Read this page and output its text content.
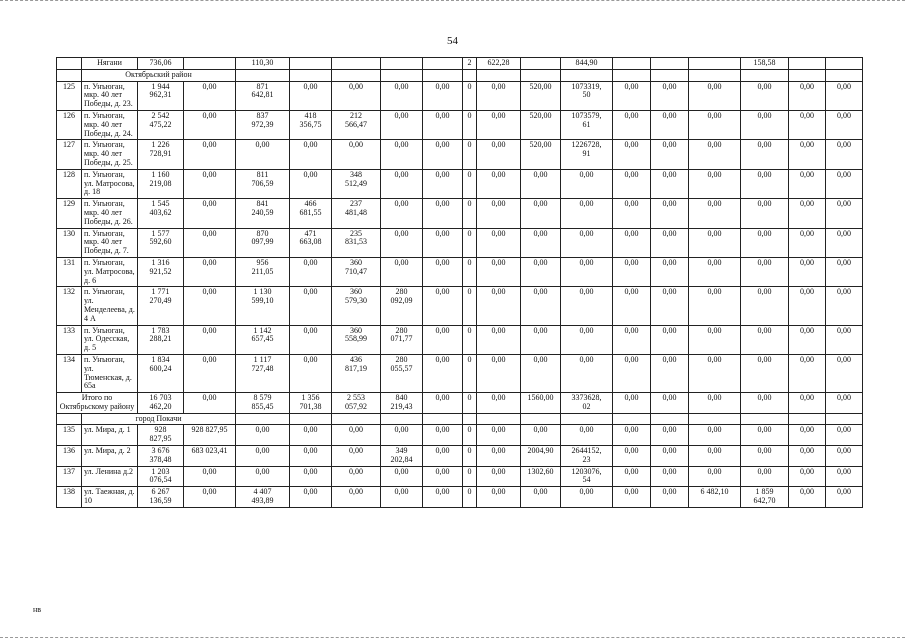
54
	Нягани	736,06		110,30					2	622,28		844,90				158,58		
	Октябрьский район																	
125	п. Унъюган, мкр. 40 лет Победы, д. 23.	1 944
962,31	0,00	871
642,81	0,00	0,00	0,00	0,00	0	0,00	520,00	1073319,
50	0,00	0,00	0,00	0,00	0,00	0,00
126	п. Унъюган, мкр. 40 лет Победы, д. 24.	2 542
475,22	0,00	837
972,39	418
356,75	212
566,47	0,00	0,00	0	0,00	520,00	1073579,
61	0,00	0,00	0,00	0,00	0,00	0,00
127	п. Унъюган, мкр. 40 лет Победы, д. 25.	1 226
728,91	0,00	0,00	0,00	0,00	0,00	0,00	0	0,00	520,00	1226728,
91	0,00	0,00	0,00	0,00	0,00	0,00
128	п. Унъюган, ул. Матросова, д. 18	1 160
219,08	0,00	811
706,59	0,00	348
512,49	0,00	0,00	0	0,00	0,00	0,00	0,00	0,00	0,00	0,00	0,00	0,00
129	п. Унъюган, мкр. 40 лет Победы, д. 26.	1 545
403,62	0,00	841
240,59	466
681,55	237
481,48	0,00	0,00	0	0,00	0,00	0,00	0,00	0,00	0,00	0,00	0,00	0,00
130	п. Унъюган, мкр. 40 лет Победы, д. 7.	1 577
592,60	0,00	870
097,99	471
663,08	235
831,53	0,00	0,00	0	0,00	0,00	0,00	0,00	0,00	0,00	0,00	0,00	0,00
131	п. Унъюган, ул. Матросова, д. 6	1 316
921,52	0,00	956
211,05	0,00	360
710,47	0,00	0,00	0	0,00	0,00	0,00	0,00	0,00	0,00	0,00	0,00	0,00
132	п. Унъюган, ул. Менделеева, д. 4 А	1 771
270,49	0,00	1 130
599,10	0,00	360
579,30	280
092,09	0,00	0	0,00	0,00	0,00	0,00	0,00	0,00	0,00	0,00	0,00
133	п. Унъюган, ул. Одесская, д. 5	1 783
288,21	0,00	1 142
657,45	0,00	360
558,99	280
071,77	0,00	0	0,00	0,00	0,00	0,00	0,00	0,00	0,00	0,00	0,00
134	п. Унъюган, ул. Тюменская, д. 65а	1 834
600,24	0,00	1 117
727,48	0,00	436
817,19	280
055,57	0,00	0	0,00	0,00	0,00	0,00	0,00	0,00	0,00	0,00	0,00
Итого по Октябрьскому району		16 703
462,20	0,00	8 579
855,45	1 356
701,38	2 553
057,92	840
219,43	0,00	0	0,00	1560,00	3373628,
02	0,00	0,00	0,00	0,00	0,00	0,00
	город Покачи																	
135	ул. Мира, д. 1	928
827,95	928 827,95	0,00	0,00	0,00	0,00	0,00	0	0,00	0,00	0,00	0,00	0,00	0,00	0,00	0,00	0,00
136	ул. Мира, д. 2	3 676
378,48	683 023,41	0,00	0,00	0,00	349
202,84	0,00	0	0,00	2004,90	2644152,
23	0,00	0,00	0,00	0,00	0,00	0,00
137	ул. Ленина д.2	1 203
076,54	0,00	0,00	0,00	0,00	0,00	0,00	0	0,00	1302,60	1203076,
54	0,00	0,00	0,00	0,00	0,00	0,00
138	ул. Таежная, д. 10	6 267
136,59	0,00	4 407
493,89	0,00	0,00	0,00	0,00	0	0,00	0,00	0,00	0,00	0,00	6 482,10	1 859
642,70	0,00	0,00
нв
